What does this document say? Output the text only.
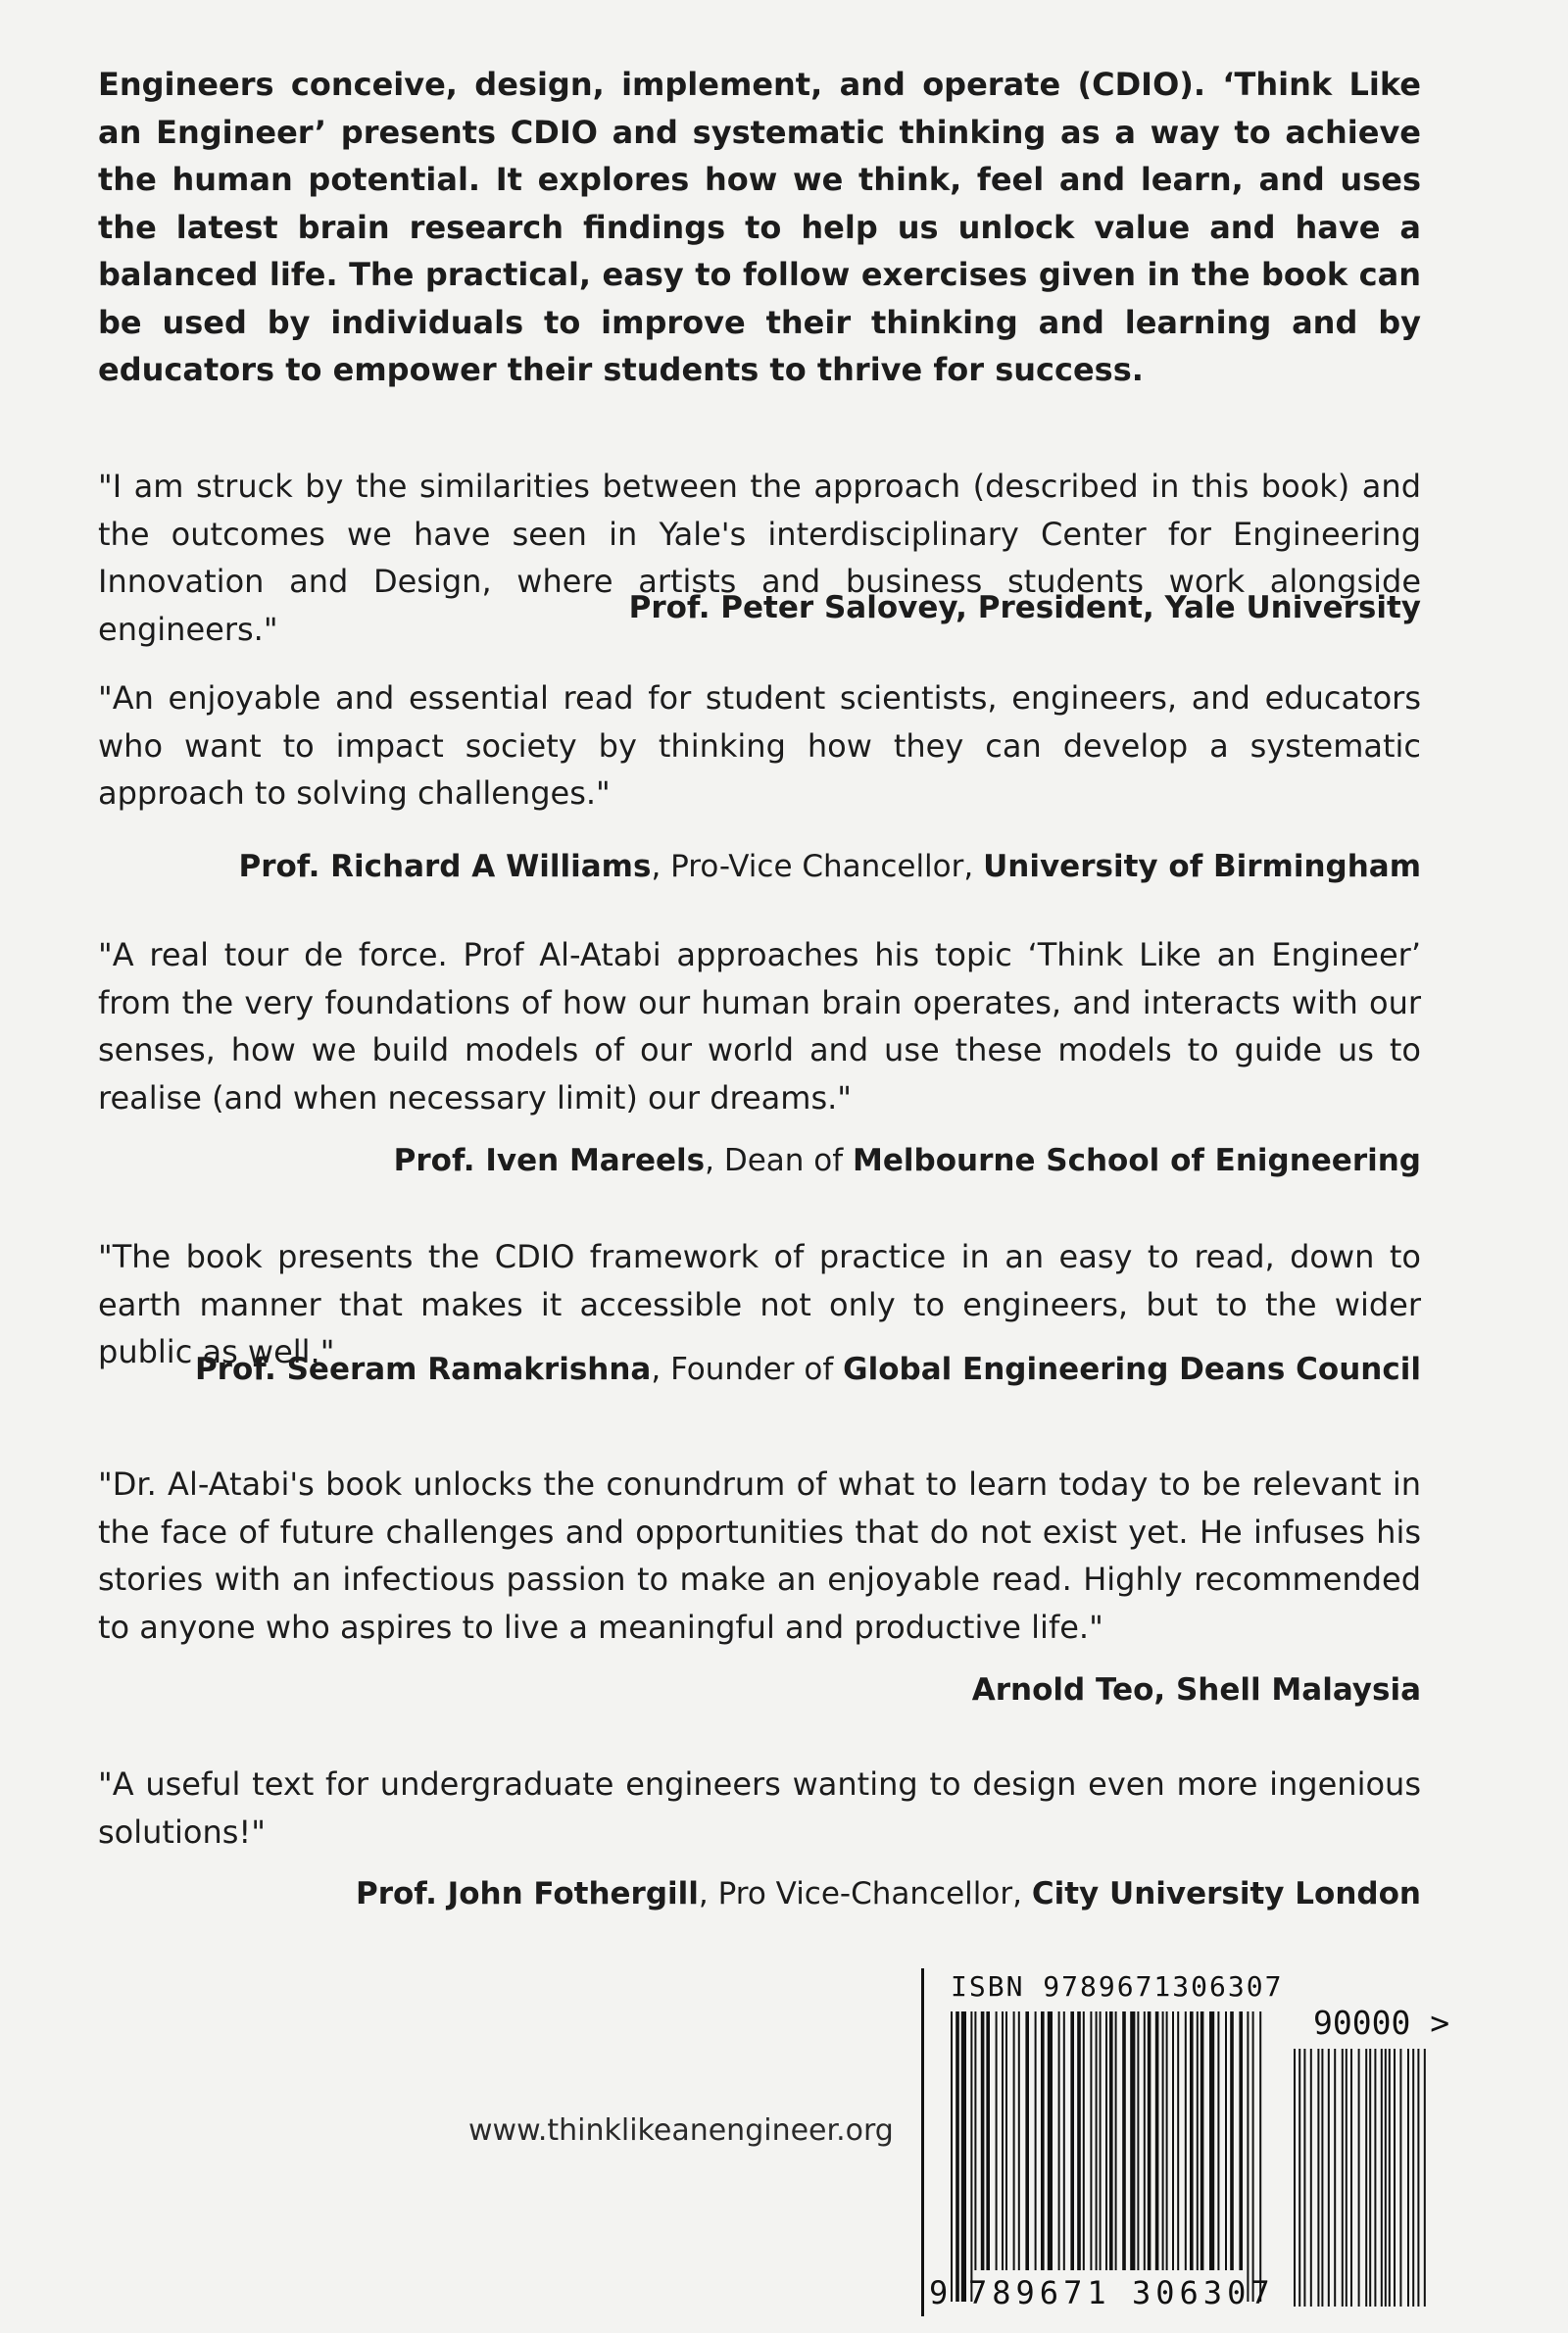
Engineers conceive, design, implement, and operate (CDIO). ‘Think Like an Engineer’ presents CDIO and systematic thinking as a way to achieve the human potential. It explores how we think, feel and learn, and uses the latest brain research findings to help us unlock value and have a balanced life. The practical, easy to follow exercises given in the book can be used by individuals to improve their thinking and learning and by educators to empower their students to thrive for success.

"I am struck by the similarities between the approach (described in this book) and the outcomes we have seen in Yale's interdisciplinary Center for Engineering Innovation and Design, where artists and business students work alongside engineers."

Prof. Peter Salovey, President, Yale University

"An enjoyable and essential read for student scientists, engineers, and educators who want to impact society by thinking how they can develop a systematic approach to solving challenges."

Prof. Richard A Williams, Pro-Vice Chancellor, University of Birmingham

"A real tour de force. Prof Al-Atabi approaches his topic ‘Think Like an Engineer’ from the very foundations of how our human brain operates, and interacts with our senses, how we build models of our world and use these models to guide us to realise (and when necessary limit) our dreams."

Prof. Iven Mareels, Dean of Melbourne School of Enigneering

"The book presents the CDIO framework of practice in an easy to read, down to earth manner that makes it accessible not only to engineers, but to the wider public as well."

Prof. Seeram Ramakrishna, Founder of Global Engineering Deans Council

"Dr. Al-Atabi's book unlocks the conundrum of what to learn today to be relevant in the face of future challenges and opportunities that do not exist yet. He infuses his stories with an infectious passion to make an enjoyable read. Highly recommended to anyone who aspires to live a meaningful and productive life."

Arnold Teo, Shell Malaysia

"A useful text for undergraduate engineers wanting to design even more ingenious solutions!"

Prof. John Fothergill, Pro Vice-Chancellor, City University London

www.thinklikeanengineer.org
ISBN 9789671306307
90000 >
9 789671 306307
